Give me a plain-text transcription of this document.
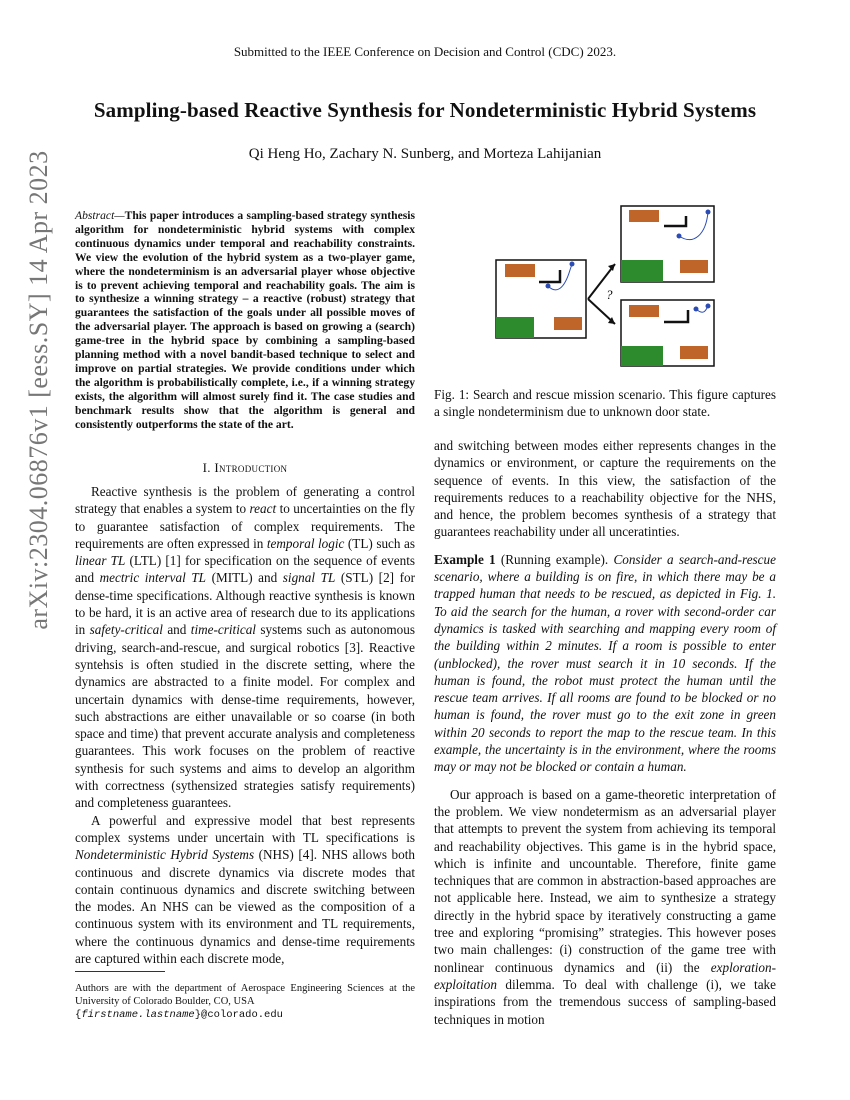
Submitted to the IEEE Conference on Decision and Control (CDC) 2023.
Sampling-based Reactive Synthesis for Nondeterministic Hybrid Systems
Qi Heng Ho, Zachary N. Sunberg, and Morteza Lahijanian
arXiv:2304.06876v1 [eess.SY] 14 Apr 2023 Abstract—This paper introduces a sampling-based strategy synthesis algorithm for nondeterministic hybrid systems with complex continuous dynamics under temporal and reachability constraints. We view the evolution of the hybrid system as a two-player game, where the nondeterminism is an adversarial player whose objective is to prevent achieving temporal and reachability goals. The aim is to synthesize a winning strategy – a reactive (robust) strategy that guarantees the satisfaction of the goals under all possible moves of the adversarial player. The approach is based on growing a (search) game-tree in the hybrid space by combining a sampling-based planning method with a novel bandit-based technique to select and improve on partial strategies. We provide conditions under which the algorithm is probabilistically complete, i.e., if a winning strategy exists, the algorithm will almost surely find it. The case studies and benchmark results show that the algorithm is general and consistently outperforms the state of the art.
I. Introduction

Reactive synthesis is the problem of generating a control strategy that enables a system to react to uncertainties on the fly to guarantee satisfaction of complex requirements. The requirements are often expressed in temporal logic (TL) such as linear TL (LTL) [1] for specification on the sequence of events and mectric interval TL (MITL) and signal TL (STL) [2] for dense-time specifications. Although reactive synthesis is known to be hard, it is an active area of research due to its applications in safety-critical and time-critical systems such as autonomous driving, search-and-rescue, and surgical robotics [3]. Reactive syntehsis is often studied in the discrete setting, where the dynamics are abstracted to a finite model. For complex and uncertain dynamics with dense-time requirements, however, such abstractions are either unavailable or so coarse (in both space and time) that prevent accurate analysis and completeness guarantees. This work focuses on the problem of reactive synthesis for such systems and aims to develop an algorithm with correctness (sythensized strategies satisfy requirements) and completeness guarantees.

A powerful and expressive model that best represents complex systems under uncertain with TL specifications is Nondeterministic Hybrid Systems (NHS) [4]. NHS allows both continuous and discrete dynamics via discrete modes that contain continuous dynamics and discrete switching between the modes. An NHS can be viewed as the composition of a continuous system with its environment and TL requirements, where the continuous dynamics and dense-time requirements are captured within each discrete mode,

Authors are with the department of Aerospace Engineering Sciences at the University of Colorado Boulder, CO, USA
{firstname.lastname}@colorado.edu
?
Fig. 1: Search and rescue mission scenario. This figure captures a single nondeterminism due to unknown door state.

and switching between modes either represents changes in the dynamics or environment, or capture the requirements on the sequence of events. In this view, the satisfaction of the requirements reduces to a reachability objective for the NHS, and hence, the problem becomes synthesis of a strategy that guarantees reachability under all unceratinties.

Example 1 (Running example). Consider a search-and-rescue scenario, where a building is on fire, in which there may be a trapped human that needs to be rescued, as depicted in Fig. 1. To aid the search for the human, a rover with second-order car dynamics is tasked with searching and mapping every room of the building within 2 minutes. If a room is possible to enter (unblocked), the rover must search it in 10 seconds. If the human is found, the robot must protect the human until the rescue team arrives. If all rooms are found to be blocked or no human is found, the rover must go to the exit zone in green within 20 seconds to report the map to the rescue team. In this example, the uncertainty is in the environment, where the rooms may or may not be blocked or contain a human.

Our approach is based on a game-theoretic interpretation of the problem. We view nondetermism as an adversarial player that attempts to prevent the system from achieving its temporal and reachability objectives. This game is in the hybrid space, which is infinite and uncountable. Therefore, finite game techniques that are common in abstraction-based approaches are not applicable here. Instead, we aim to synthesize a strategy directly in the hybrid space by iteratively constructing a game tree and exploring “promising” strategies. This however poses two main challenges: (i) construction of the game tree with nonlinear continuous dynamics and (ii) the exploration-exploitation dilemma. To deal with challenge (i), we take inspirations from the tremendous success of sampling-based techniques in motion
